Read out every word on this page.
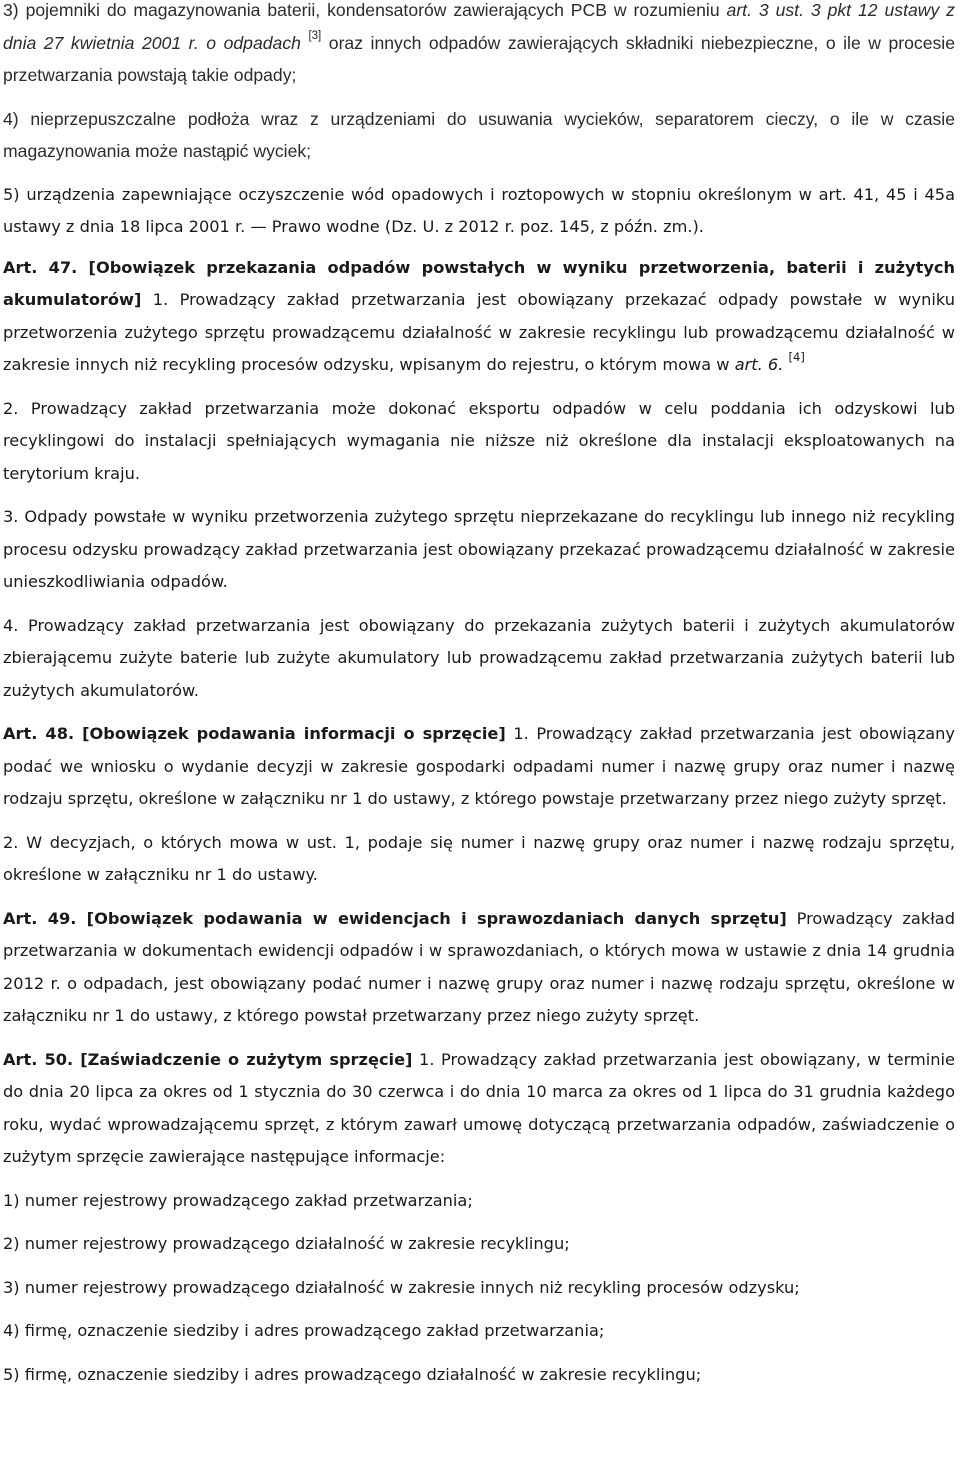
3) pojemniki do magazynowania baterii, kondensatorów zawierających PCB w rozumieniu art. 3 ust. 3 pkt 12 ustawy z dnia 27 kwietnia 2001 r. o odpadach [3] oraz innych odpadów zawierających składniki niebezpieczne, o ile w procesie przetwarzania powstają takie odpady;

4) nieprzepuszczalne podłoża wraz z urządzeniami do usuwania wycieków, separatorem cieczy, o ile w czasie magazynowania może nastąpić wyciek;

5) urządzenia zapewniające oczyszczenie wód opadowych i roztopowych w stopniu określonym w art. 41, 45 i 45a ustawy z dnia 18 lipca 2001 r. — Prawo wodne (Dz. U. z 2012 r. poz. 145, z późn. zm.).

Art. 47. [Obowiązek przekazania odpadów powstałych w wyniku przetworzenia, baterii i zużytych akumulatorów] 1. Prowadzący zakład przetwarzania jest obowiązany przekazać odpady powstałe w wyniku przetworzenia zużytego sprzętu prowadzącemu działalność w zakresie recyklingu lub prowadzącemu działalność w zakresie innych niż recykling procesów odzysku, wpisanym do rejestru, o którym mowa w art. 6. [4]

2. Prowadzący zakład przetwarzania może dokonać eksportu odpadów w celu poddania ich odzyskowi lub recyklingowi do instalacji spełniających wymagania nie niższe niż określone dla instalacji eksploatowanych na terytorium kraju.

3. Odpady powstałe w wyniku przetworzenia zużytego sprzętu nieprzekazane do recyklingu lub innego niż recykling procesu odzysku prowadzący zakład przetwarzania jest obowiązany przekazać prowadzącemu działalność w zakresie unieszkodliwiania odpadów.

4. Prowadzący zakład przetwarzania jest obowiązany do przekazania zużytych baterii i zużytych akumulatorów zbierającemu zużyte baterie lub zużyte akumulatory lub prowadzącemu zakład przetwarzania zużytych baterii lub zużytych akumulatorów.

Art. 48. [Obowiązek podawania informacji o sprzęcie] 1. Prowadzący zakład przetwarzania jest obowiązany podać we wniosku o wydanie decyzji w zakresie gospodarki odpadami numer i nazwę grupy oraz numer i nazwę rodzaju sprzętu, określone w załączniku nr 1 do ustawy, z którego powstaje przetwarzany przez niego zużyty sprzęt.

2. W decyzjach, o których mowa w ust. 1, podaje się numer i nazwę grupy oraz numer i nazwę rodzaju sprzętu, określone w załączniku nr 1 do ustawy.

Art. 49. [Obowiązek podawania w ewidencjach i sprawozdaniach danych sprzętu] Prowadzący zakład przetwarzania w dokumentach ewidencji odpadów i w sprawozdaniach, o których mowa w ustawie z dnia 14 grudnia 2012 r. o odpadach, jest obowiązany podać numer i nazwę grupy oraz numer i nazwę rodzaju sprzętu, określone w załączniku nr 1 do ustawy, z którego powstał przetwarzany przez niego zużyty sprzęt.

Art. 50. [Zaświadczenie o zużytym sprzęcie] 1. Prowadzący zakład przetwarzania jest obowiązany, w terminie do dnia 20 lipca za okres od 1 stycznia do 30 czerwca i do dnia 10 marca za okres od 1 lipca do 31 grudnia każdego roku, wydać wprowadzającemu sprzęt, z którym zawarł umowę dotyczącą przetwarzania odpadów, zaświadczenie o zużytym sprzęcie zawierające następujące informacje:

1) numer rejestrowy prowadzącego zakład przetwarzania;

2) numer rejestrowy prowadzącego działalność w zakresie recyklingu;

3) numer rejestrowy prowadzącego działalność w zakresie innych niż recykling procesów odzysku;

4) firmę, oznaczenie siedziby i adres prowadzącego zakład przetwarzania;

5) firmę, oznaczenie siedziby i adres prowadzącego działalność w zakresie recyklingu;
